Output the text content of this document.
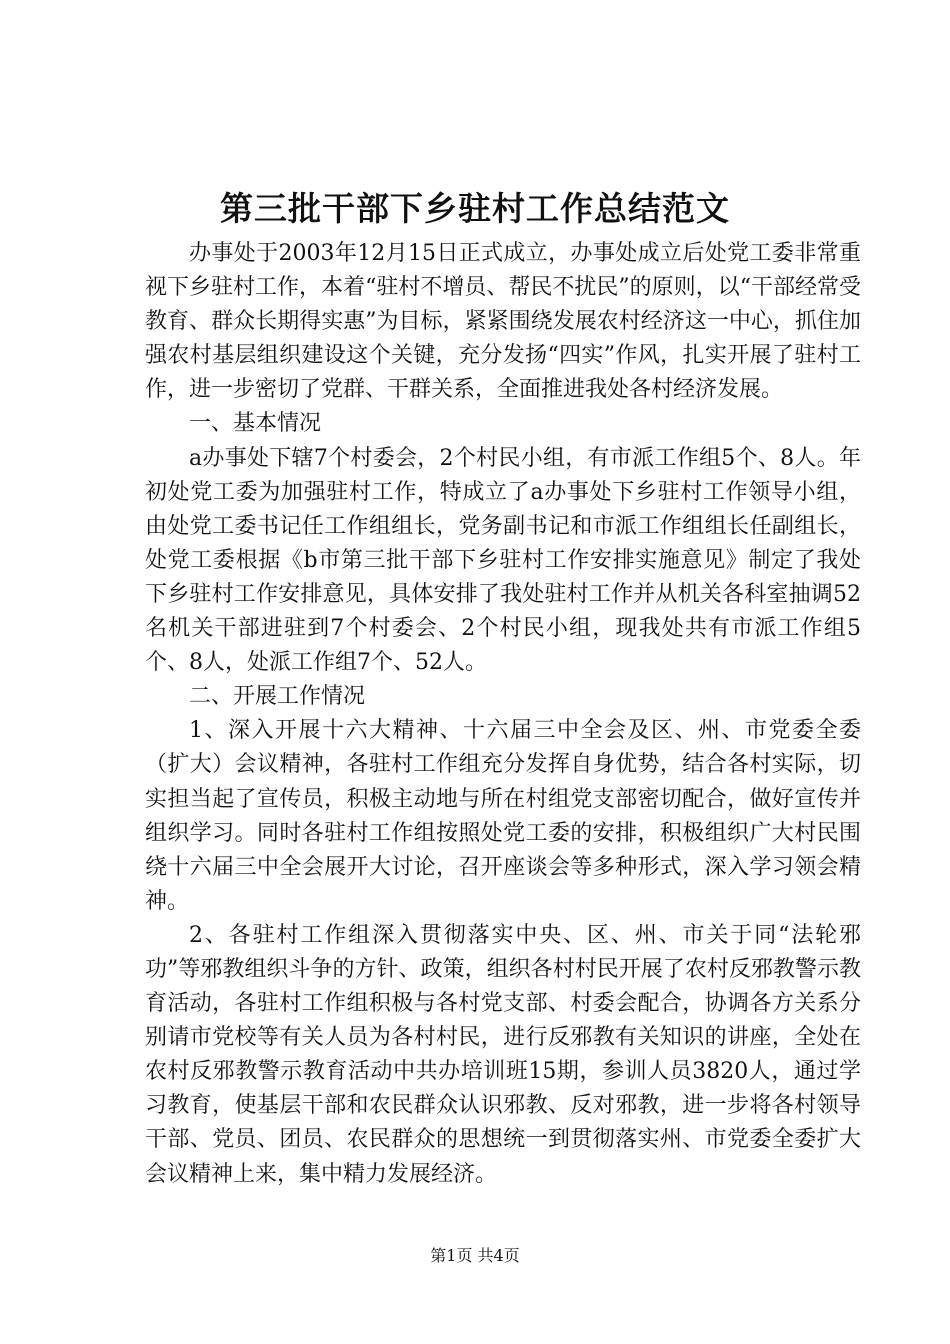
第三批干部下乡驻村工作总结范文

办事处于2003年12月15日正式成立，办事处成立后处党工委非常重视下乡驻村工作，本着“驻村不增员、帮民不扰民”的原则，以“干部经常受教育、群众长期得实惠”为目标，紧紧围绕发展农村经济这一中心，抓住加强农村基层组织建设这个关键，充分发扬“四实”作风，扎实开展了驻村工作，进一步密切了党群、干群关系，全面推进我处各村经济发展。

一、基本情况

a办事处下辖7个村委会，2个村民小组，有市派工作组5个、8人。年初处党工委为加强驻村工作，特成立了a办事处下乡驻村工作领导小组，由处党工委书记任工作组组长，党务副书记和市派工作组组长任副组长，处党工委根据《b市第三批干部下乡驻村工作安排实施意见》制定了我处下乡驻村工作安排意见，具体安排了我处驻村工作并从机关各科室抽调52名机关干部进驻到7个村委会、2个村民小组，现我处共有市派工作组5个、8人，处派工作组7个、52人。

二、开展工作情况

1、深入开展十六大精神、十六届三中全会及区、州、市党委全委（扩大）会议精神，各驻村工作组充分发挥自身优势，结合各村实际，切实担当起了宣传员，积极主动地与所在村组党支部密切配合，做好宣传并组织学习。同时各驻村工作组按照处党工委的安排，积极组织广大村民围绕十六届三中全会展开大讨论，召开座谈会等多种形式，深入学习领会精神。

2、各驻村工作组深入贯彻落实中央、区、州、市关于同“法轮邪功”等邪教组织斗争的方针、政策，组织各村村民开展了农村反邪教警示教育活动，各驻村工作组积极与各村党支部、村委会配合，协调各方关系分别请市党校等有关人员为各村村民，进行反邪教有关知识的讲座，全处在农村反邪教警示教育活动中共办培训班15期，参训人员3820人，通过学习教育，使基层干部和农民群众认识邪教、反对邪教，进一步将各村领导干部、党员、团员、农民群众的思想统一到贯彻落实州、市党委全委扩大会议精神上来，集中精力发展经济。

第1页 共4页
